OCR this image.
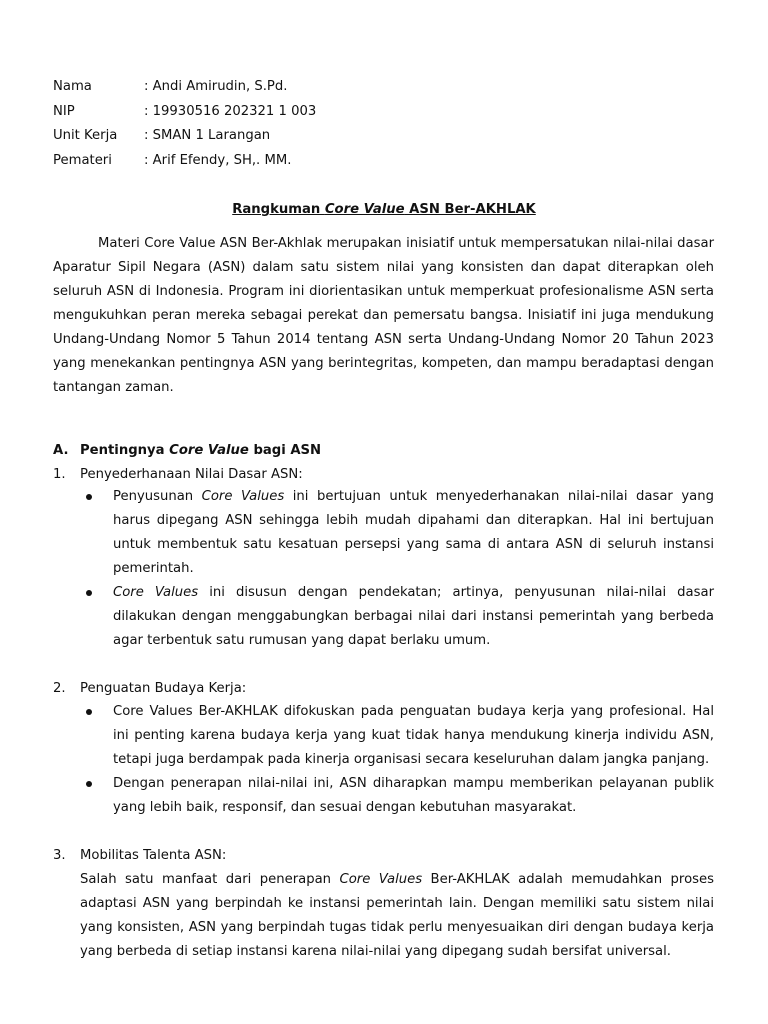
Nama	: Andi Amirudin, S.Pd.
NIP	: 19930516 202321 1 003
Unit Kerja	: SMAN 1 Larangan
Pemateri	: Arif Efendy, SH,. MM.
Rangkuman Core Value ASN Ber-AKHLAK

Materi Core Value ASN Ber-Akhlak merupakan inisiatif untuk mempersatukan nilai-nilai dasar Aparatur Sipil Negara (ASN) dalam satu sistem nilai yang konsisten dan dapat diterapkan oleh seluruh ASN di Indonesia. Program ini diorientasikan untuk memperkuat profesionalisme ASN serta mengukuhkan peran mereka sebagai perekat dan pemersatu bangsa. Inisiatif ini juga mendukung Undang-Undang Nomor 5 Tahun 2014 tentang ASN serta Undang-Undang Nomor 20 Tahun 2023 yang menekankan pentingnya ASN yang berintegritas, kompeten, dan mampu beradaptasi dengan tantangan zaman.

A. Pentingnya Core Value bagi ASN
1. Penyederhanaan Nilai Dasar ASN:
Penyusunan Core Values ini bertujuan untuk menyederhanakan nilai-nilai dasar yang harus dipegang ASN sehingga lebih mudah dipahami dan diterapkan. Hal ini bertujuan untuk membentuk satu kesatuan persepsi yang sama di antara ASN di seluruh instansi pemerintah.
Core Values ini disusun dengan pendekatan; artinya, penyusunan nilai-nilai dasar dilakukan dengan menggabungkan berbagai nilai dari instansi pemerintah yang berbeda agar terbentuk satu rumusan yang dapat berlaku umum.
2. Penguatan Budaya Kerja:
Core Values Ber-AKHLAK difokuskan pada penguatan budaya kerja yang profesional. Hal ini penting karena budaya kerja yang kuat tidak hanya mendukung kinerja individu ASN, tetapi juga berdampak pada kinerja organisasi secara keseluruhan dalam jangka panjang.
Dengan penerapan nilai-nilai ini, ASN diharapkan mampu memberikan pelayanan publik yang lebih baik, responsif, dan sesuai dengan kebutuhan masyarakat.
3. Mobilitas Talenta ASN:

Salah satu manfaat dari penerapan Core Values Ber-AKHLAK adalah memudahkan proses adaptasi ASN yang berpindah ke instansi pemerintah lain. Dengan memiliki satu sistem nilai yang konsisten, ASN yang berpindah tugas tidak perlu menyesuaikan diri dengan budaya kerja yang berbeda di setiap instansi karena nilai-nilai yang dipegang sudah bersifat universal.
